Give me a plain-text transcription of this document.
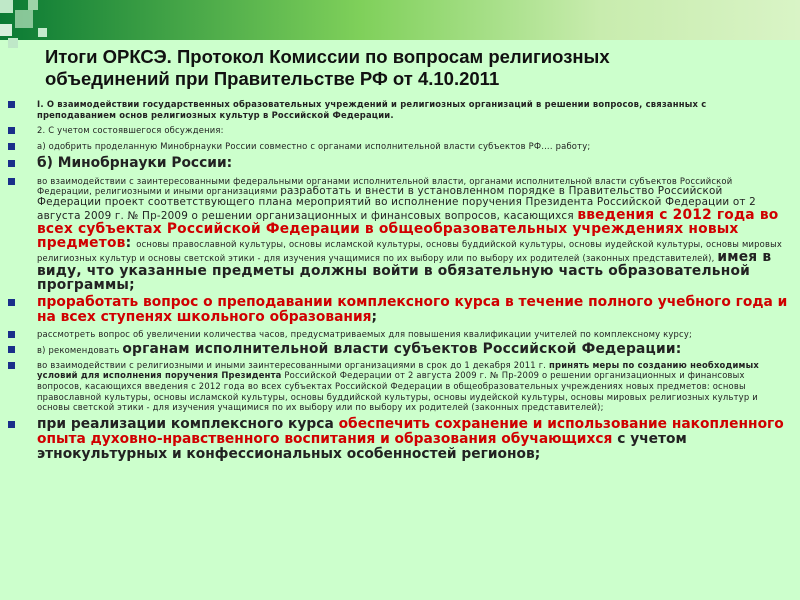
Итоги ОРКСЭ. Протокол Комиссии по вопросам религиозных
объединений при Правительстве РФ от 4.10.2011
I. О взаимодействии государственных образовательных учреждений и религиозных организаций в решении вопросов, связанных с преподаванием основ религиозных культур в Российской Федерации.
2. С учетом состоявшегося обсуждения:
а) одобрить проделанную Минобрнауки России совместно с органами исполнительной власти субъектов РФ…. работу;
б) Минобрнауки России:
во взаимодействии с заинтересованными федеральными органами исполнительной власти, органами исполнительной власти субъектов Российской Федерации, религиозными и иными организациями разработать и внести в установленном порядке в Правительство Российской Федерации проект соответствующего плана мероприятий во исполнение поручения Президента Российской Федерации от 2 августа 2009 г. № Пр-2009 о решении организационных и финансовых вопросов, касающихся введения с 2012 года во всех субъектах Российской Федерации в общеобразовательных учреждениях новых предметов: основы православной культуры, основы исламской культуры, основы буддийской культуры, основы иудейской культуры, основы мировых религиозных культур и основы светской этики - для изучения учащимися по их выбору или по выбору их родителей (законных представителей), имея в виду, что указанные предметы должны войти в обязательную часть образовательной программы;
проработать вопрос о преподавании комплексного курса в течение полного учебного года и на всех ступенях школьного образования;
рассмотреть вопрос об увеличении количества часов, предусматриваемых для повышения квалификации учителей по комплексному курсу;
в) рекомендовать органам исполнительной власти субъектов Российской Федерации:
во взаимодействии с религиозными и иными заинтересованными организациями в срок до 1 декабря 2011 г. принять меры по созданию необходимых условий для исполнения поручения Президента Российской Федерации от 2 августа 2009 г. № Пр-2009 о решении организационных и финансовых вопросов, касающихся введения с 2012 года во всех субъектах Российской Федерации в общеобразовательных учреждениях новых предметов: основы православной культуры, основы исламской культуры, основы буддийской культуры, основы иудейской культуры, основы мировых религиозных культур и основы светской этики - для изучения учащимися по их выбору или по выбору их родителей (законных представителей);
при реализации комплексного курса обеспечить сохранение и использование накопленного опыта духовно-нравственного воспитания и образования обучающихся с учетом этнокультурных и конфессиональных особенностей регионов;
